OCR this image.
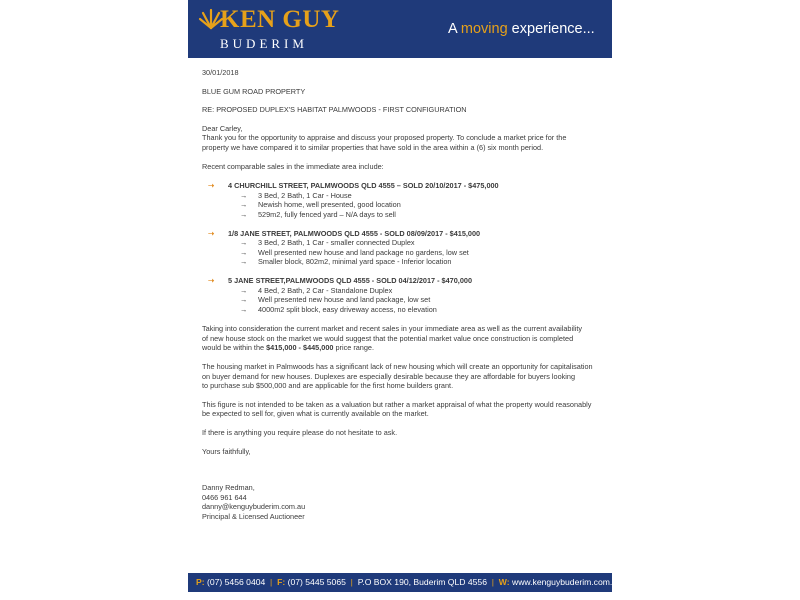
KEN GUY
BUDERIM
A moving experience...
30/01/2018
BLUE GUM ROAD PROPERTY
RE: PROPOSED DUPLEX'S HABITAT PALMWOODS - FIRST CONFIGURATION
Dear Carley,
Thank you for the opportunity to appraise and discuss your proposed property. To conclude a market price for the
property we have compared it to similar properties that have sold in the area within a (6) six month period.
Recent comparable sales in the immediate area include:
➝ 4 CHURCHILL STREET, PALMWOODS QLD 4555 – SOLD 20/10/2017 - $475,000
→ 3 Bed, 2 Bath, 1 Car - House
→ Newish home, well presented, good location
→ 529m2, fully fenced yard – N/A days to sell
➝ 1/8 JANE STREET, PALMWOODS QLD 4555 - SOLD 08/09/2017 - $415,000
→ 3 Bed, 2 Bath, 1 Car - smaller connected Duplex
→ Well presented new house and land package no gardens, low set
→ Smaller block, 802m2, minimal yard space - Inferior location
➝ 5 JANE STREET,PALMWOODS QLD 4555 - SOLD 04/12/2017 - $470,000
→ 4 Bed, 2 Bath, 2 Car - Standalone Duplex
→ Well presented new house and land package, low set
→ 4000m2 split block, easy driveway access, no elevation
Taking into consideration the current market and recent sales in your immediate area as well as the current availability
of new house stock on the market we would suggest that the potential market value once construction is completed
would be within the $415,000 - $445,000 price range.
The housing market in Palmwoods has a significant lack of new housing which will create an opportunity for capitalisation
on buyer demand for new houses. Duplexes are especially desirable because they are affordable for buyers looking
to purchase sub $500,000 and are applicable for the first home builders grant.
This figure is not intended to be taken as a valuation but rather a market appraisal of what the property would reasonably
be expected to sell for, given what is currently available on the market.
If there is anything you require please do not hesitate to ask.
Yours faithfully,
Danny Redman,
0466 961 644
danny@kenguybuderim.com.au
Principal & Licensed Auctioneer
P: (07) 5456 0404  |  F: (07) 5445 5065  |  P.O BOX 190, Buderim QLD 4556  |  W: www.kenguybuderim.com.au
